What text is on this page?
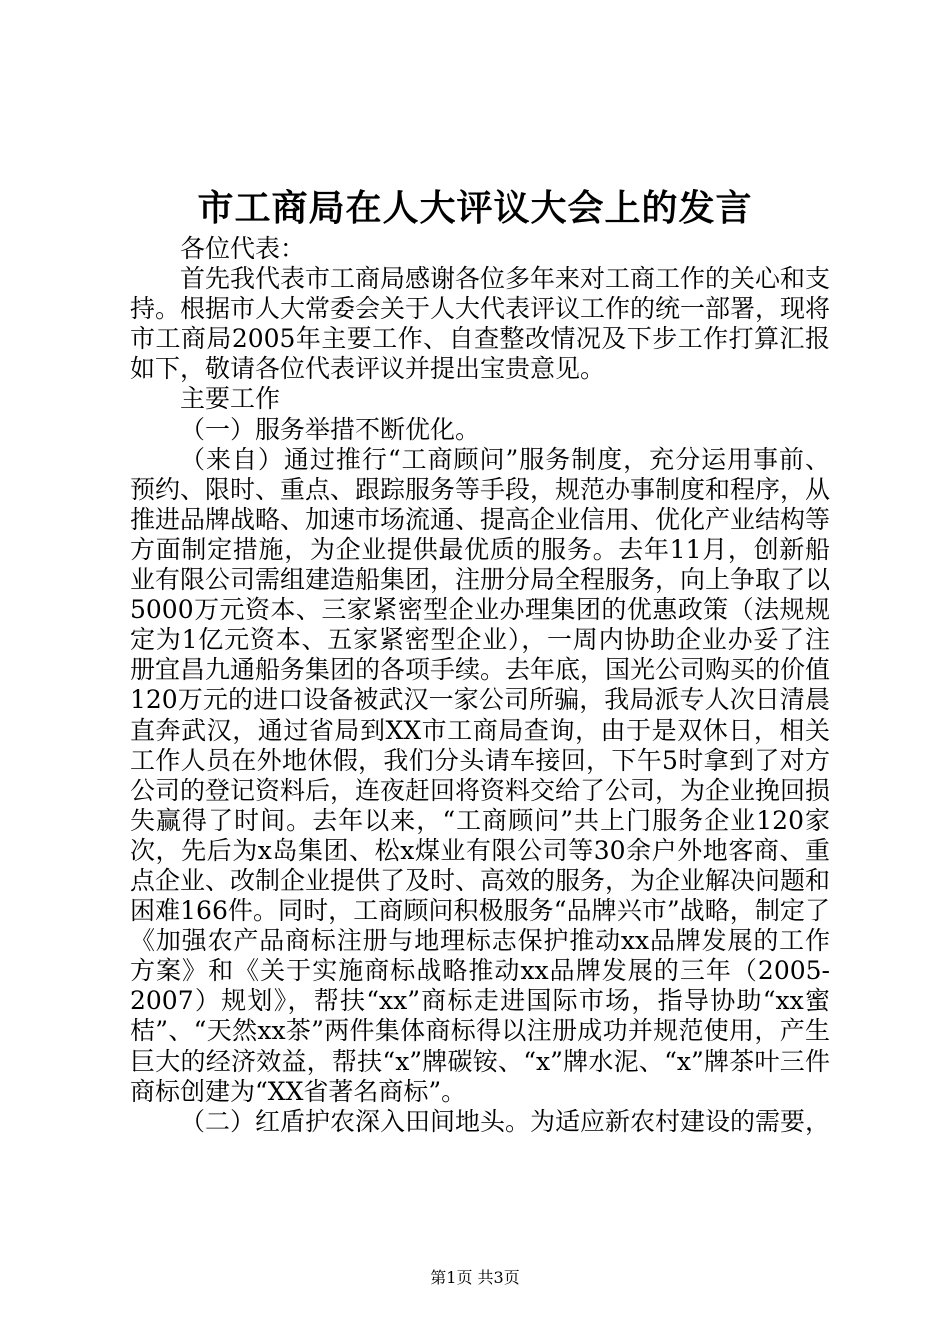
市工商局在人大评议大会上的发言

各位代表：

首先我代表市工商局感谢各位多年来对工商工作的关心和支持。根据市人大常委会关于人大代表评议工作的统一部署，现将市工商局2005年主要工作、自查整改情况及下步工作打算汇报如下，敬请各位代表评议并提出宝贵意见。

主要工作

（一）服务举措不断优化。

（来自）通过推行“工商顾问”服务制度，充分运用事前、预约、限时、重点、跟踪服务等手段，规范办事制度和程序，从推进品牌战略、加速市场流通、提高企业信用、优化产业结构等方面制定措施，为企业提供最优质的服务。去年11月，创新船业有限公司需组建造船集团，注册分局全程服务，向上争取了以5000万元资本、三家紧密型企业办理集团的优惠政策（法规规定为1亿元资本、五家紧密型企业），一周内协助企业办妥了注册宜昌九通船务集团的各项手续。去年底，国光公司购买的价值120万元的进口设备被武汉一家公司所骗，我局派专人次日清晨直奔武汉，通过省局到XX市工商局查询，由于是双休日，相关工作人员在外地休假，我们分头请车接回，下午5时拿到了对方公司的登记资料后，连夜赶回将资料交给了公司，为企业挽回损失赢得了时间。去年以来，“工商顾问”共上门服务企业120家次，先后为x岛集团、松x煤业有限公司等30余户外地客商、重点企业、改制企业提供了及时、高效的服务，为企业解决问题和困难166件。同时，工商顾问积极服务“品牌兴市”战略，制定了《加强农产品商标注册与地理标志保护推动xx品牌发展的工作方案》和《关于实施商标战略推动xx品牌发展的三年（2005-2007）规划》，帮扶“xx”商标走进国际市场，指导协助“xx蜜桔”、“天然xx茶”两件集体商标得以注册成功并规范使用，产生巨大的经济效益，帮扶“x”牌碳铵、“x”牌水泥、“x”牌茶叶三件商标创建为“XX省著名商标”。

（二）红盾护农深入田间地头。为适应新农村建设的需要，

第1页 共3页
